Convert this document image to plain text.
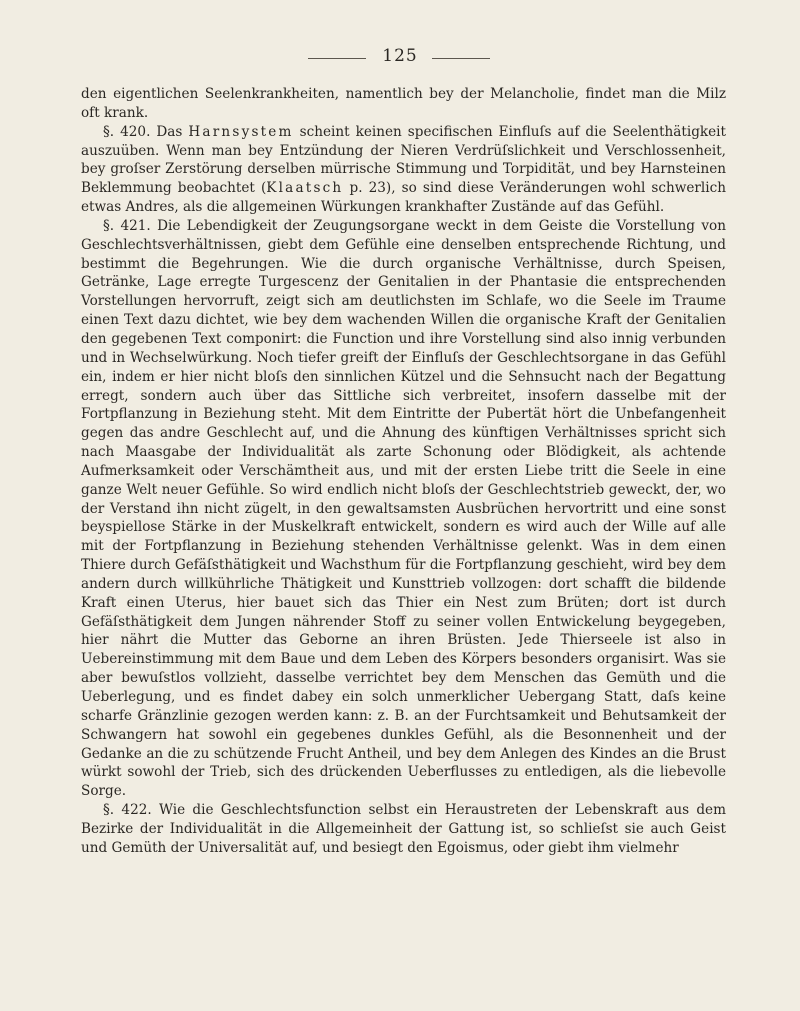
125

den eigentlichen Seelenkrankheiten, namentlich bey der Melancholie, findet man die Milz oft krank.

§. 420. Das Harnsystem scheint keinen specifischen Einfluſs auf die Seelenthätigkeit auszuüben. Wenn man bey Entzündung der Nieren Verdrüſslichkeit und Verschlossenheit, bey groſser Zerstörung derselben mürrische Stimmung und Torpidität, und bey Harnsteinen Beklemmung beobachtet (Klaatsch p. 23), so sind diese Veränderungen wohl schwerlich etwas Andres, als die allgemeinen Würkungen krankhafter Zustände auf das Gefühl.

§. 421. Die Lebendigkeit der Zeugungsorgane weckt in dem Geiste die Vorstellung von Geschlechtsverhältnissen, giebt dem Gefühle eine denselben entsprechende Richtung, und bestimmt die Begehrungen. Wie die durch organische Verhältnisse, durch Speisen, Getränke, Lage erregte Turgescenz der Genitalien in der Phantasie die entsprechenden Vorstellungen hervorruft, zeigt sich am deutlichsten im Schlafe, wo die Seele im Traume einen Text dazu dichtet, wie bey dem wachenden Willen die organische Kraft der Genitalien den gegebenen Text componirt: die Function und ihre Vorstellung sind also innig verbunden und in Wechselwürkung. Noch tiefer greift der Einfluſs der Geschlechtsorgane in das Gefühl ein, indem er hier nicht bloſs den sinnlichen Kützel und die Sehnsucht nach der Begattung erregt, sondern auch über das Sittliche sich verbreitet, insofern dasselbe mit der Fortpflanzung in Beziehung steht. Mit dem Eintritte der Pubertät hört die Unbefangenheit gegen das andre Geschlecht auf, und die Ahnung des künftigen Verhältnisses spricht sich nach Maasgabe der Individualität als zarte Schonung oder Blödigkeit, als achtende Aufmerksamkeit oder Verschämtheit aus, und mit der ersten Liebe tritt die Seele in eine ganze Welt neuer Gefühle. So wird endlich nicht bloſs der Geschlechtstrieb geweckt, der, wo der Verstand ihn nicht zügelt, in den gewaltsamsten Ausbrüchen hervortritt und eine sonst beyspiellose Stärke in der Muskelkraft entwickelt, sondern es wird auch der Wille auf alle mit der Fortpflanzung in Beziehung stehenden Verhältnisse gelenkt. Was in dem einen Thiere durch Gefäſsthätigkeit und Wachsthum für die Fortpflanzung geschieht, wird bey dem andern durch willkührliche Thätigkeit und Kunsttrieb vollzogen: dort schafft die bildende Kraft einen Uterus, hier bauet sich das Thier ein Nest zum Brüten; dort ist durch Gefäſsthätigkeit dem Jungen nährender Stoff zu seiner vollen Entwickelung beygegeben, hier nährt die Mutter das Geborne an ihren Brüsten. Jede Thierseele ist also in Uebereinstimmung mit dem Baue und dem Leben des Körpers besonders organisirt. Was sie aber bewuſstlos vollzieht, dasselbe verrichtet bey dem Menschen das Gemüth und die Ueberlegung, und es findet dabey ein solch unmerklicher Uebergang Statt, daſs keine scharfe Gränzlinie gezogen werden kann: z. B. an der Furchtsamkeit und Behutsamkeit der Schwangern hat sowohl ein gegebenes dunkles Gefühl, als die Besonnenheit und der Gedanke an die zu schützende Frucht Antheil, und bey dem Anlegen des Kindes an die Brust würkt sowohl der Trieb, sich des drückenden Ueberflusses zu entledigen, als die liebevolle Sorge.

§. 422. Wie die Geschlechtsfunction selbst ein Heraustreten der Lebenskraft aus dem Bezirke der Individualität in die Allgemeinheit der Gattung ist, so schlieſst sie auch Geist und Gemüth der Universalität auf, und besiegt den Egoismus, oder giebt ihm vielmehr
